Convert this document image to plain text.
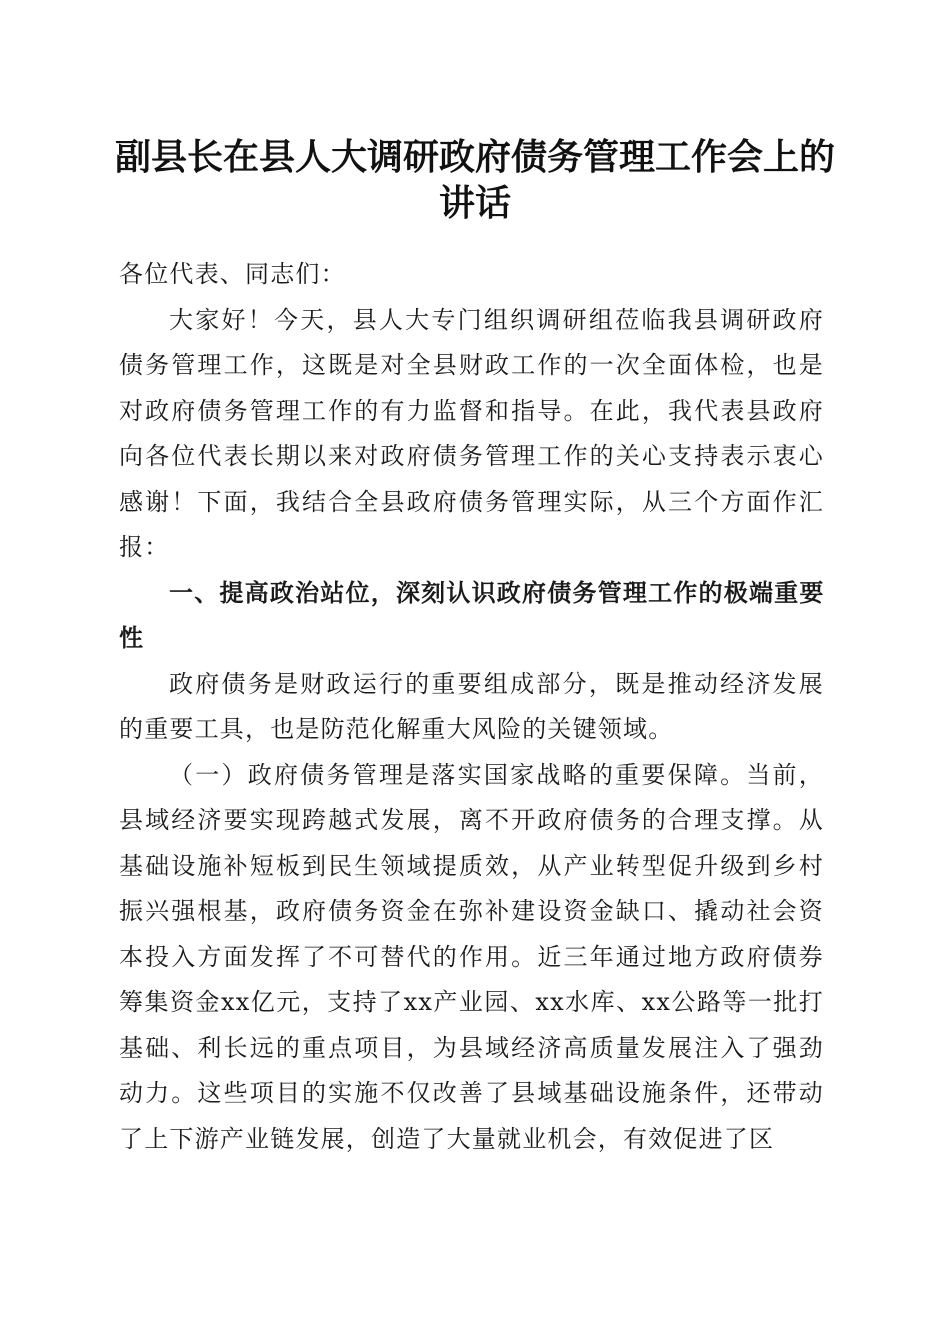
副县长在县人大调研政府债务管理工作会上的讲话

各位代表、同志们：

大家好！今天，县人大专门组织调研组莅临我县调研政府债务管理工作，这既是对全县财政工作的一次全面体检，也是对政府债务管理工作的有力监督和指导。在此，我代表县政府向各位代表长期以来对政府债务管理工作的关心支持表示衷心感谢！下面，我结合全县政府债务管理实际，从三个方面作汇报：

一、提高政治站位，深刻认识政府债务管理工作的极端重要性

政府债务是财政运行的重要组成部分，既是推动经济发展的重要工具，也是防范化解重大风险的关键领域。

（一）政府债务管理是落实国家战略的重要保障。当前，县域经济要实现跨越式发展，离不开政府债务的合理支撑。从基础设施补短板到民生领域提质效，从产业转型促升级到乡村振兴强根基，政府债务资金在弥补建设资金缺口、撬动社会资本投入方面发挥了不可替代的作用。近三年通过地方政府债券筹集资金xx亿元，支持了xx产业园、xx水库、xx公路等一批打基础、利长远的重点项目，为县域经济高质量发展注入了强劲动力。这些项目的实施不仅改善了县域基础设施条件，还带动了上下游产业链发展，创造了大量就业机会，有效促进了区
